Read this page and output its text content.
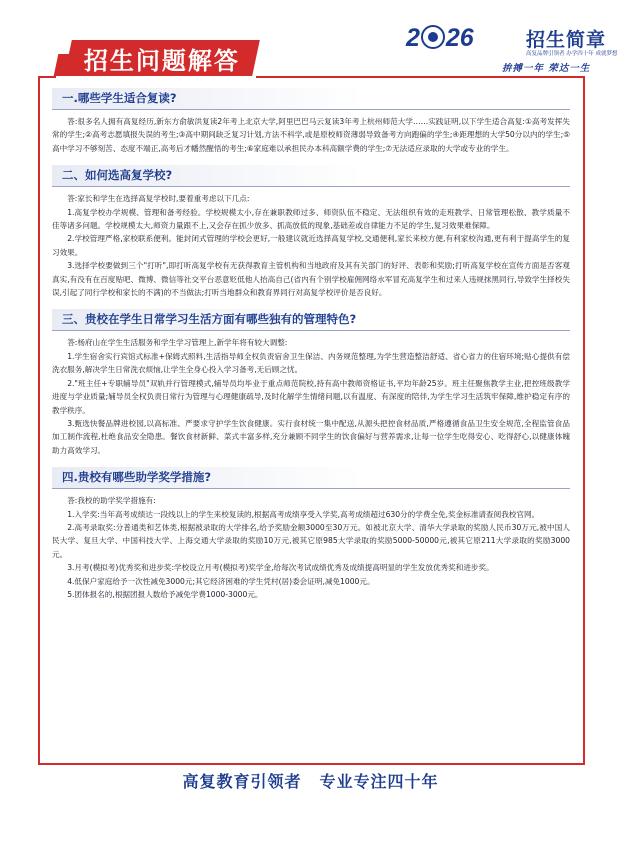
招生问题解答
2 26	招生简章
高复品牌引领者 办学四十年 成就梦想
拚搏一年 荣达一生
一.哪些学生适合复读?

答:很多名人拥有高复经历,新东方俞敏洪复读2年考上北京大学,阿里巴巴马云复读3年考上杭州师范大学……实践证明,以下学生适合高复:①高考发挥失常的学生;②高考志愿填报失误的考生;③高中期间缺乏复习计划,方法不科学,或是原校师资薄弱导致备考方向跑偏的学生;④距理想的大学50分以内的学生;⑤高中学习不够刻苦、态度不端正,高考后才幡然醒悟的考生;⑥家庭难以承担民办本科高额学费的学生;⑦无法适应录取的大学或专业的学生。

二、如何选高复学校?

答:家长和学生在选择高复学校时,要着重考虑以下几点:

1.高复学校办学规模、管理和备考经验。学校规模太小,存在兼职教师过多、师资队伍不稳定、无法组织有效的走班教学、日常管理松散、教学质量不佳等诸多问题。学校规模太大,师资力量跟不上,又会存在抓少放多、抓高放低的现象,基础差或自律能力不足的学生,复习效果难保障。

2.学校管理严格,家校联系便利。能封闭式管理的学校会更好,一般建议就近选择高复学校,交通便利,家长来校方便,有利家校沟通,更有利于提高学生的复习效果。

3.选择学校要做到三个"打听",即打听高复学校有无获得教育主管机构和当地政府及其有关部门的好评、表彰和奖励;打听高复学校在宣传方面是否客观真实,有没有在百度贴吧、微博、微信等社交平台恶意贬低他人抬高自己(省内有个别学校雇佣网络水军冒充高复学生和过来人违规抹黑同行,导致学生择校失误,引起了同行学校和家长的不满)的不当做法;打听当地群众和教育界同行对高复学校评价是否良好。

三、贵校在学生日常学习生活方面有哪些独有的管理特色?

答:杨府山在学生生活服务和学生学习管理上,新学年将有较大调整:

1.学生宿舍实行宾馆式标准+保姆式照料,生活指导师全权负责宿舍卫生保洁、内务规范整理,为学生营造整洁舒适、省心省力的住宿环境;贴心提供有偿洗衣服务,解决学生日常洗衣烦恼,让学生全身心投入学习备考,无后顾之忧。

2."班主任+专职辅导员"双轨并行管理模式,辅导员均毕业于重点师范院校,持有高中教师资格证书,平均年龄25岁。班主任聚焦教学主业,把控班级教学进度与学业质量;辅导员全权负责日常行为管理与心理健康疏导,及时化解学生情绪问题,以有温度、有深度的陪伴,为学生学习生活筑牢保障,维护稳定有序的教学秩序。

3.甄选快餐品牌进校园,以高标准、严要求守护学生饮食健康。实行食材统一集中配送,从源头把控食材品质,严格遵循食品卫生安全规范,全程监管食品加工制作流程,杜绝食品安全隐患。餐饮食材新鲜、菜式丰富多样,充分兼顾不同学生的饮食偏好与营养需求,让每一位学生吃得安心、吃得舒心,以健康体魄助力高效学习。

四.贵校有哪些助学奖学措施?

答:我校的助学奖学措施有:

1.入学奖:当年高考成绩达一段线以上的学生来校复读的,根据高考成绩享受入学奖,高考成绩超过630分的学费全免,奖金标准请查阅我校官网。

2.高考录取奖:分普通类和艺体类,根据被录取的大学排名,给予奖励金额3000至30万元。如被北京大学、清华大学录取的奖励人民币30万元,被中国人民大学、复旦大学、中国科技大学、上海交通大学录取的奖励10万元,被其它原985大学录取的奖励5000-50000元,被其它原211大学录取的奖励3000元。

3.月考(模拟考)优秀奖和进步奖:学校设立月考(模拟考)奖学金,给每次考试成绩优秀及成绩提高明显的学生发放优秀奖和进步奖。

4.低保户家庭给予一次性减免3000元;其它经济困难的学生凭村(居)委会证明,减免1000元。

5.团体报名的,根据团报人数给予减免学费1000-3000元。

高复教育引领者 专业专注四十年
